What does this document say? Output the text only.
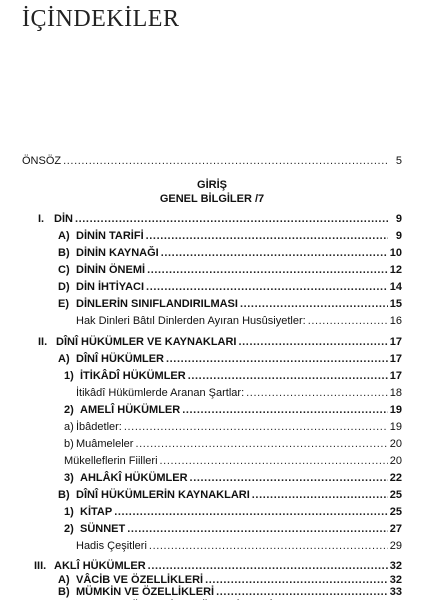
İÇİNDEKİLER
ÖNSÖZ .....	5
GİRİŞ
GENEL BİLGİLER /7
I. DİN .....	9
A) DİNİN TARİFİ .....	9
B) DİNİN KAYNAĞI .....	10
C) DİNİN ÖNEMİ .....	12
D) DİN İHTİYACI .....	14
E) DİNLERİN SINIFLANDIRILMASI .....	15
Hak Dinleri Bâtıl Dinlerden Ayıran Husûsiyetler: .....	16
II. DÎNÎ HÜKÜMLER VE KAYNAKLARI .....	17
A) DÎNÎ HÜKÜMLER .....	17
1) İTİKÂDÎ HÜKÜMLER .....	17
İtikâdî Hükümlerde Aranan Şartlar: .....	18
2) AMELÎ HÜKÜMLER .....	19
a) İbâdetler: .....	19
b) Muâmeleler .....	20
Mükelleflerin Fiilleri .....	20
3) AHLÂKÎ HÜKÜMLER .....	22
B) DÎNÎ HÜKÜMLERİN KAYNAKLARI .....	25
1) KİTAP .....	25
2) SÜNNET .....	27
Hadis Çeşitleri .....	29
III. AKLÎ HÜKÜMLER .....	32
A) VÂCİB VE ÖZELLİKLERİ .....	32
B) MÜMKİN VE ÖZELLİKLERİ .....	33
.....
